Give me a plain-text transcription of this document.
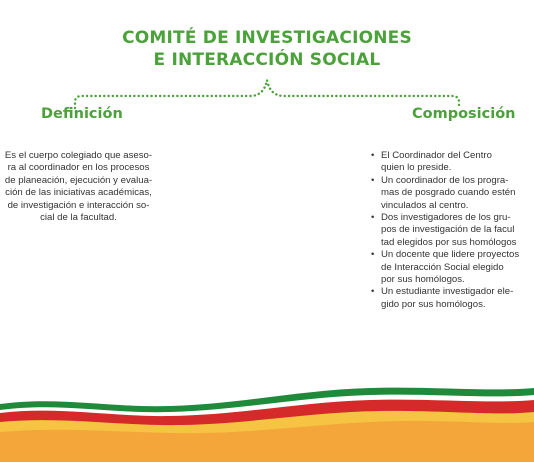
COMITÉ DE INVESTIGACIONES
E INTERACCIÓN SOCIAL
Definición	Composición
Es el cuerpo colegiado que aseso-
ra al coordinador en los procesos
de planeación, ejecución y evalua-
ción de las iniciativas académicas,
de investigación e interacción so-
cial de la facultad.
• El Coordinador del Centro
quien lo preside.
• Un coordinador de los progra-
mas de posgrado cuando estén
vinculados al centro.
• Dos investigadores de los gru-
pos de investigación de la facul
tad elegidos por sus homólogos
• Un docente que lidere proyectos
de Interacción Social elegido
por sus homólogos.
• Un estudiante investigador ele-
gido por sus homólogos.
